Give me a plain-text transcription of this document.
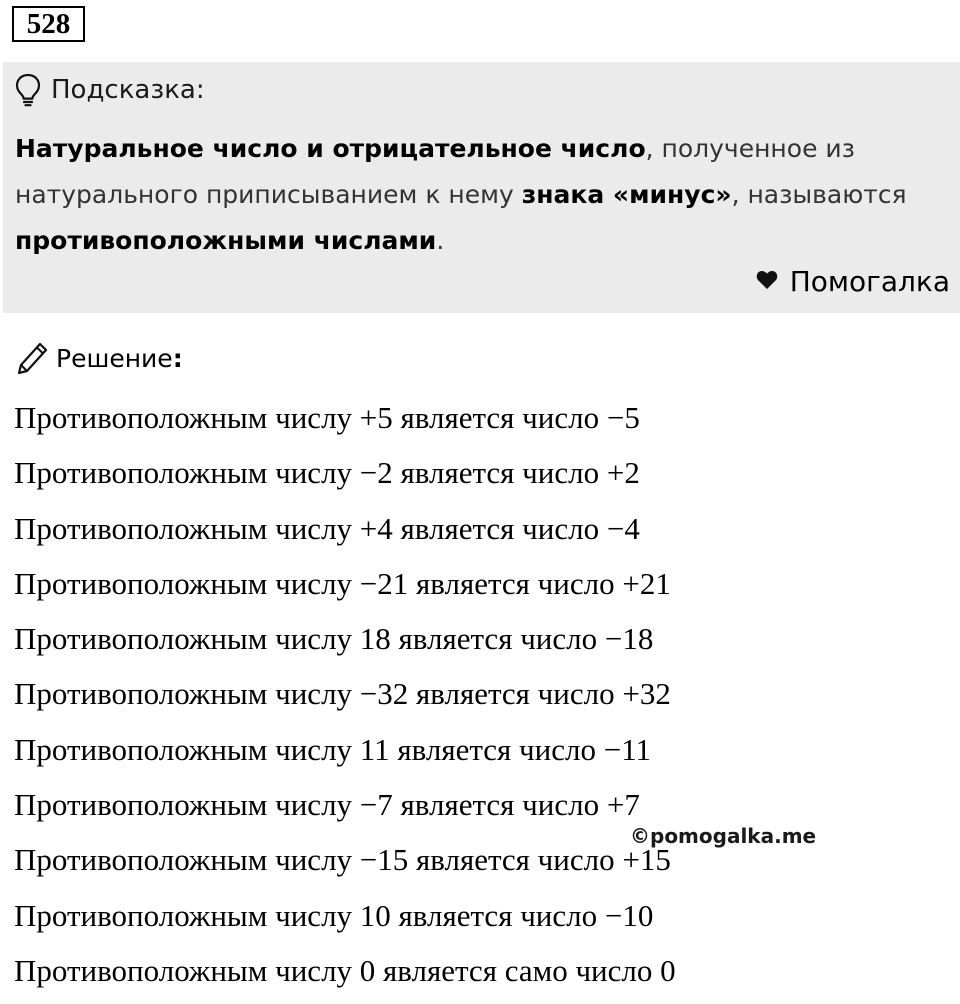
528
Подсказка:
Натуральное число и отрицательное число, полученное из натурального приписыванием к нему знака «минус», называются противоположными числами.
Помогалка
Решение:
Противоположным числу +5 является число −5
Противоположным числу −2 является число +2
Противоположным числу +4 является число −4
Противоположным числу −21 является число +21
Противоположным числу 18 является число −18
Противоположным числу −32 является число +32
Противоположным числу 11 является число −11
Противоположным числу −7 является число +7
Противоположным числу −15 является число +15
Противоположным числу 10 является число −10
Противоположным числу 0 является само число 0
©pomogalka.me
